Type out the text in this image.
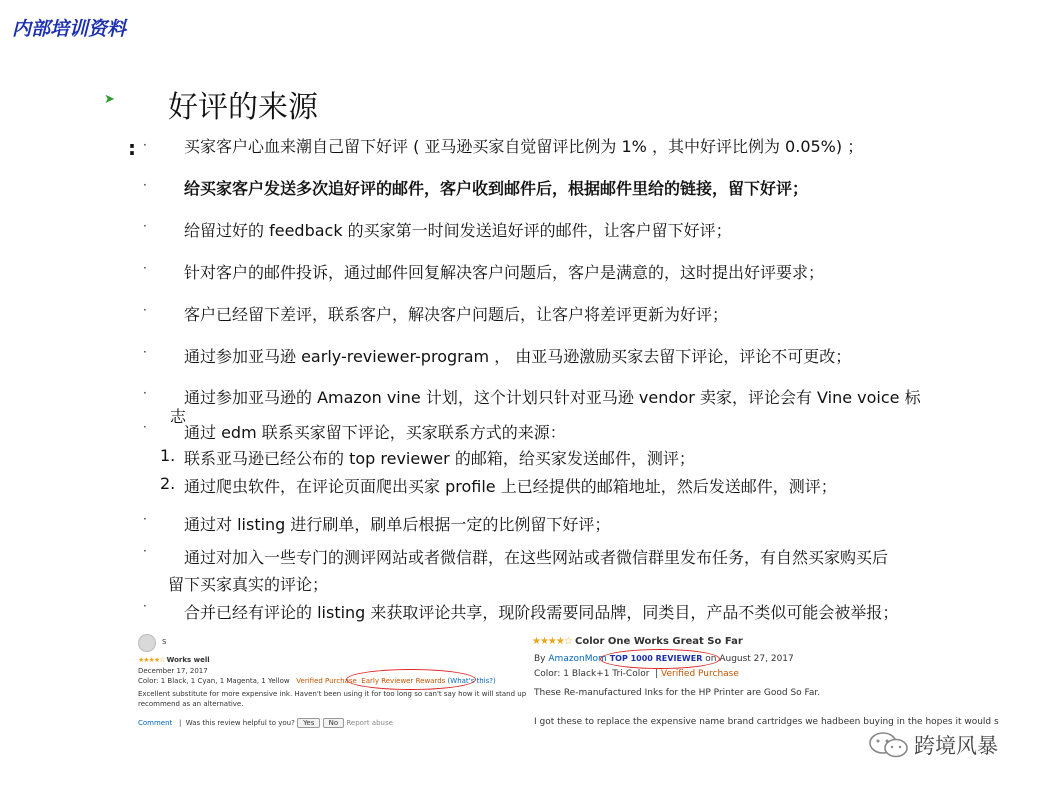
内部培训资料
➤ 好评的来源
: ·
·
·
·
·
·
·
·
·
·
·
买家客户心血来潮自己留下好评 ( 亚马逊买家自觉留评比例为 1% ，其中好评比例为 0.05%) ；
给买家客户发送多次追好评的邮件，客户收到邮件后，根据邮件里给的链接，留下好评；
给留过好的 feedback 的买家第一时间发送追好评的邮件，让客户留下好评；
针对客户的邮件投诉，通过邮件回复解决客户问题后，客户是满意的，这时提出好评要求；
客户已经留下差评，联系客户，解决客户问题后，让客户将差评更新为好评；
通过参加亚马逊 early-reviewer-program ， 由亚马逊激励买家去留下评论，评论不可更改；
通过参加亚马逊的 Amazon vine 计划，这个计划只针对亚马逊 vendor 卖家，评论会有 Vine voice 标
志
通过 edm 联系买家留下评论，买家联系方式的来源：
1. 联系亚马逊已经公布的 top reviewer 的邮箱，给买家发送邮件，测评；
2. 通过爬虫软件，在评论页面爬出买家 profile 上已经提供的邮箱地址，然后发送邮件，测评；
通过对 listing 进行刷单，刷单后根据一定的比例留下好评；
通过对加入一些专门的测评网站或者微信群，在这些网站或者微信群里发布任务，有自然买家购买后
留下买家真实的评论；
合并已经有评论的 listing 来获取评论共享，现阶段需要同品牌，同类目，产品不类似可能会被举报；
S
★★★★☆ Works well
December 17, 2017
Color: 1 Black, 1 Cyan, 1 Magenta, 1 Yellow Verified Purchase Early Reviewer Rewards (What's this?)
Excellent substitute for more expensive ink. Haven't been using it for too long so can't say how it will stand up
recommend as an alternative.
Comment   |  Was this review helpful to you? Yes No Report abuse
★★★★☆ Color One Works Great So Far
By AmazonMom TOP 1000 REVIEWER on August 27, 2017
Color: 1 Black+1 Tri-Color  | Verified Purchase
These Re-manufactured Inks for the HP Printer are Good So Far.
I got these to replace the expensive name brand cartridges we hadbeen buying in the hopes it would s
跨境风暴
